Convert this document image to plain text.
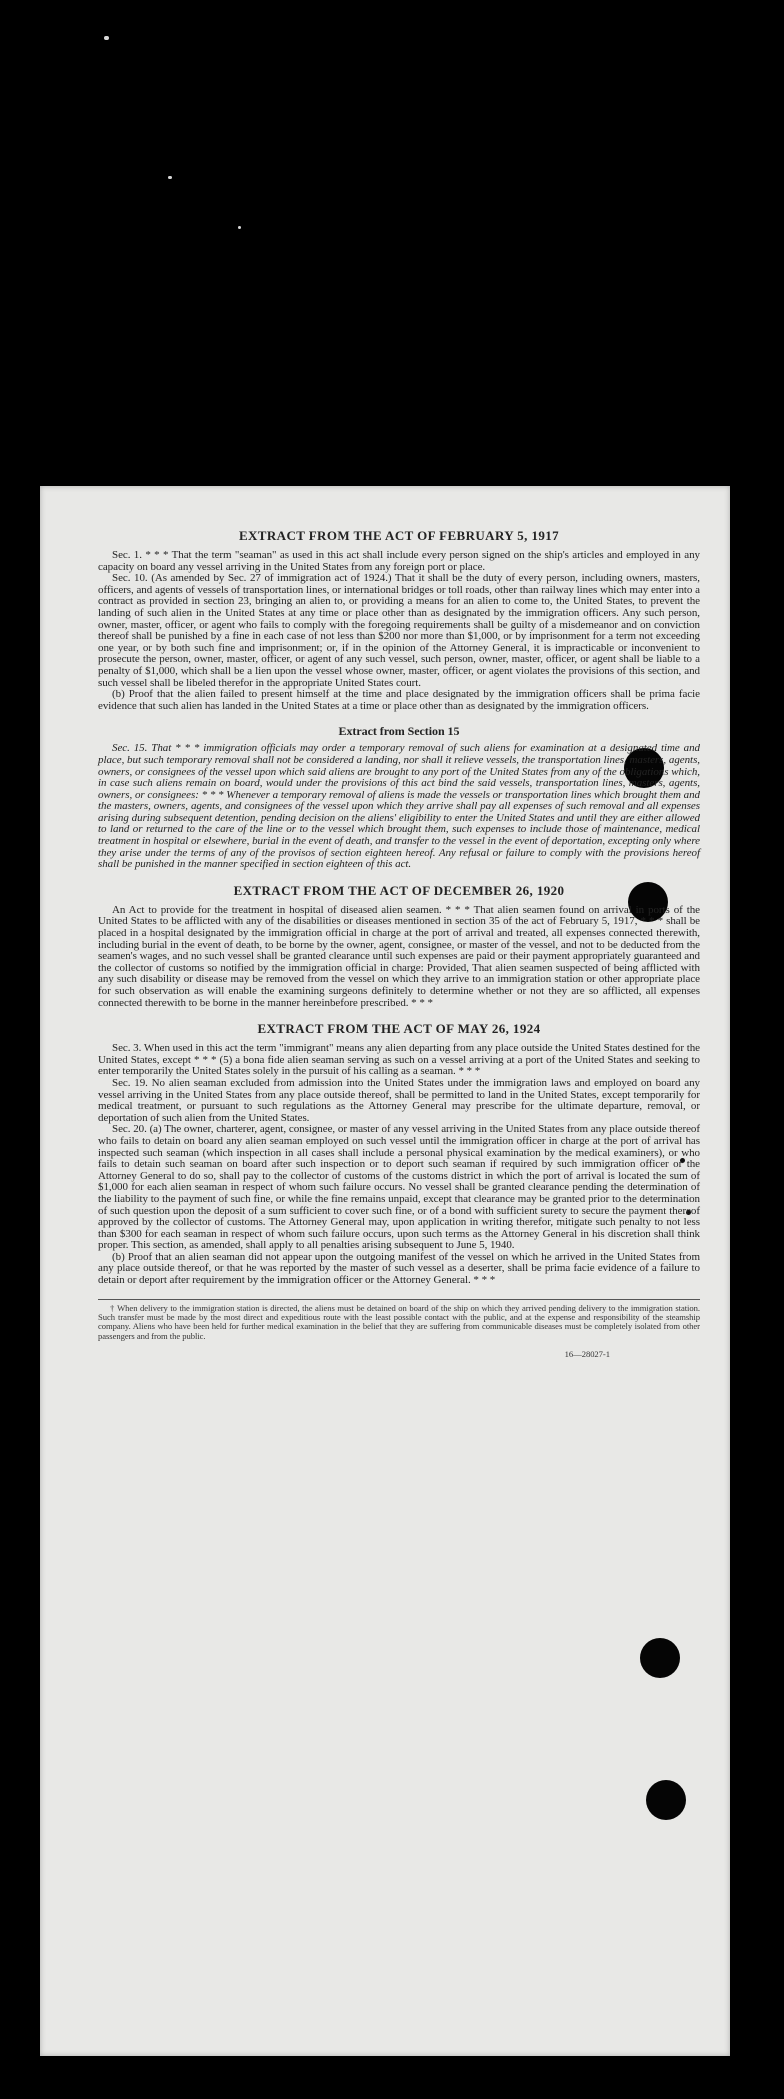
EXTRACT FROM THE ACT OF FEBRUARY 5, 1917

Sec. 1. * * * That the term "seaman" as used in this act shall include every person signed on the ship's articles and employed in any capacity on board any vessel arriving in the United States from any foreign port or place.

Sec. 10. (As amended by Sec. 27 of immigration act of 1924.) That it shall be the duty of every person, including owners, masters, officers, and agents of vessels of transportation lines, or international bridges or toll roads, other than railway lines which may enter into a contract as provided in section 23, bringing an alien to, or providing a means for an alien to come to, the United States, to prevent the landing of such alien in the United States at any time or place other than as designated by the immigration officers. Any such person, owner, master, officer, or agent who fails to comply with the foregoing requirements shall be guilty of a misdemeanor and on conviction thereof shall be punished by a fine in each case of not less than $200 nor more than $1,000, or by imprisonment for a term not exceeding one year, or by both such fine and imprisonment; or, if in the opinion of the Attorney General, it is impracticable or inconvenient to prosecute the person, owner, master, officer, or agent of any such vessel, such person, owner, master, officer, or agent shall be liable to a penalty of $1,000, which shall be a lien upon the vessel whose owner, master, officer, or agent violates the provisions of this section, and such vessel shall be libeled therefor in the appropriate United States court.

(b) Proof that the alien failed to present himself at the time and place designated by the immigration officers shall be prima facie evidence that such alien has landed in the United States at a time or place other than as designated by the immigration officers.

Extract from Section 15

Sec. 15. That * * * immigration officials may order a temporary removal of such aliens for examination at a designated time and place, but such temporary removal shall not be considered a landing, nor shall it relieve vessels, the transportation lines, masters, agents, owners, or consignees of the vessel upon which said aliens are brought to any port of the United States from any of the obligations which, in case such aliens remain on board, would under the provisions of this act bind the said vessels, transportation lines, masters, agents, owners, or consignees: * * * Whenever a temporary removal of aliens is made the vessels or transportation lines which brought them and the masters, owners, agents, and consignees of the vessel upon which they arrive shall pay all expenses of such removal and all expenses arising during subsequent detention, pending decision on the aliens' eligibility to enter the United States and until they are either allowed to land or returned to the care of the line or to the vessel which brought them, such expenses to include those of maintenance, medical treatment in hospital or elsewhere, burial in the event of death, and transfer to the vessel in the event of deportation, excepting only where they arise under the terms of any of the provisos of section eighteen hereof. Any refusal or failure to comply with the provisions hereof shall be punished in the manner specified in section eighteen of this act.

EXTRACT FROM THE ACT OF DECEMBER 26, 1920

An Act to provide for the treatment in hospital of diseased alien seamen. * * * That alien seamen found on arrival in ports of the United States to be afflicted with any of the disabilities or diseases mentioned in section 35 of the act of February 5, 1917, * * * shall be placed in a hospital designated by the immigration official in charge at the port of arrival and treated, all expenses connected therewith, including burial in the event of death, to be borne by the owner, agent, consignee, or master of the vessel, and not to be deducted from the seamen's wages, and no such vessel shall be granted clearance until such expenses are paid or their payment appropriately guaranteed and the collector of customs so notified by the immigration official in charge: Provided, That alien seamen suspected of being afflicted with any such disability or disease may be removed from the vessel on which they arrive to an immigration station or other appropriate place for such observation as will enable the examining surgeons definitely to determine whether or not they are so afflicted, all expenses connected therewith to be borne in the manner hereinbefore prescribed. * * *

EXTRACT FROM THE ACT OF MAY 26, 1924

Sec. 3. When used in this act the term "immigrant" means any alien departing from any place outside the United States destined for the United States, except * * * (5) a bona fide alien seaman serving as such on a vessel arriving at a port of the United States and seeking to enter temporarily the United States solely in the pursuit of his calling as a seaman. * * *

Sec. 19. No alien seaman excluded from admission into the United States under the immigration laws and employed on board any vessel arriving in the United States from any place outside thereof, shall be permitted to land in the United States, except temporarily for medical treatment, or pursuant to such regulations as the Attorney General may prescribe for the ultimate departure, removal, or deportation of such alien from the United States.

Sec. 20. (a) The owner, charterer, agent, consignee, or master of any vessel arriving in the United States from any place outside thereof who fails to detain on board any alien seaman employed on such vessel until the immigration officer in charge at the port of arrival has inspected such seaman (which inspection in all cases shall include a personal physical examination by the medical examiners), or who fails to detain such seaman on board after such inspection or to deport such seaman if required by such immigration officer or the Attorney General to do so, shall pay to the collector of customs of the customs district in which the port of arrival is located the sum of $1,000 for each alien seaman in respect of whom such failure occurs. No vessel shall be granted clearance pending the determination of the liability to the payment of such fine, or while the fine remains unpaid, except that clearance may be granted prior to the determination of such question upon the deposit of a sum sufficient to cover such fine, or of a bond with sufficient surety to secure the payment thereof approved by the collector of customs. The Attorney General may, upon application in writing therefor, mitigate such penalty to not less than $300 for each seaman in respect of whom such failure occurs, upon such terms as the Attorney General in his discretion shall think proper. This section, as amended, shall apply to all penalties arising subsequent to June 5, 1940.

(b) Proof that an alien seaman did not appear upon the outgoing manifest of the vessel on which he arrived in the United States from any place outside thereof, or that he was reported by the master of such vessel as a deserter, shall be prima facie evidence of a failure to detain or deport after requirement by the immigration officer or the Attorney General. * * *

† When delivery to the immigration station is directed, the aliens must be detained on board of the ship on which they arrived pending delivery to the immigration station. Such transfer must be made by the most direct and expeditious route with the least possible contact with the public, and at the expense and responsibility of the steamship company. Aliens who have been held for further medical examination in the belief that they are suffering from communicable diseases must be completely isolated from other passengers and from the public.

16—28027-1
